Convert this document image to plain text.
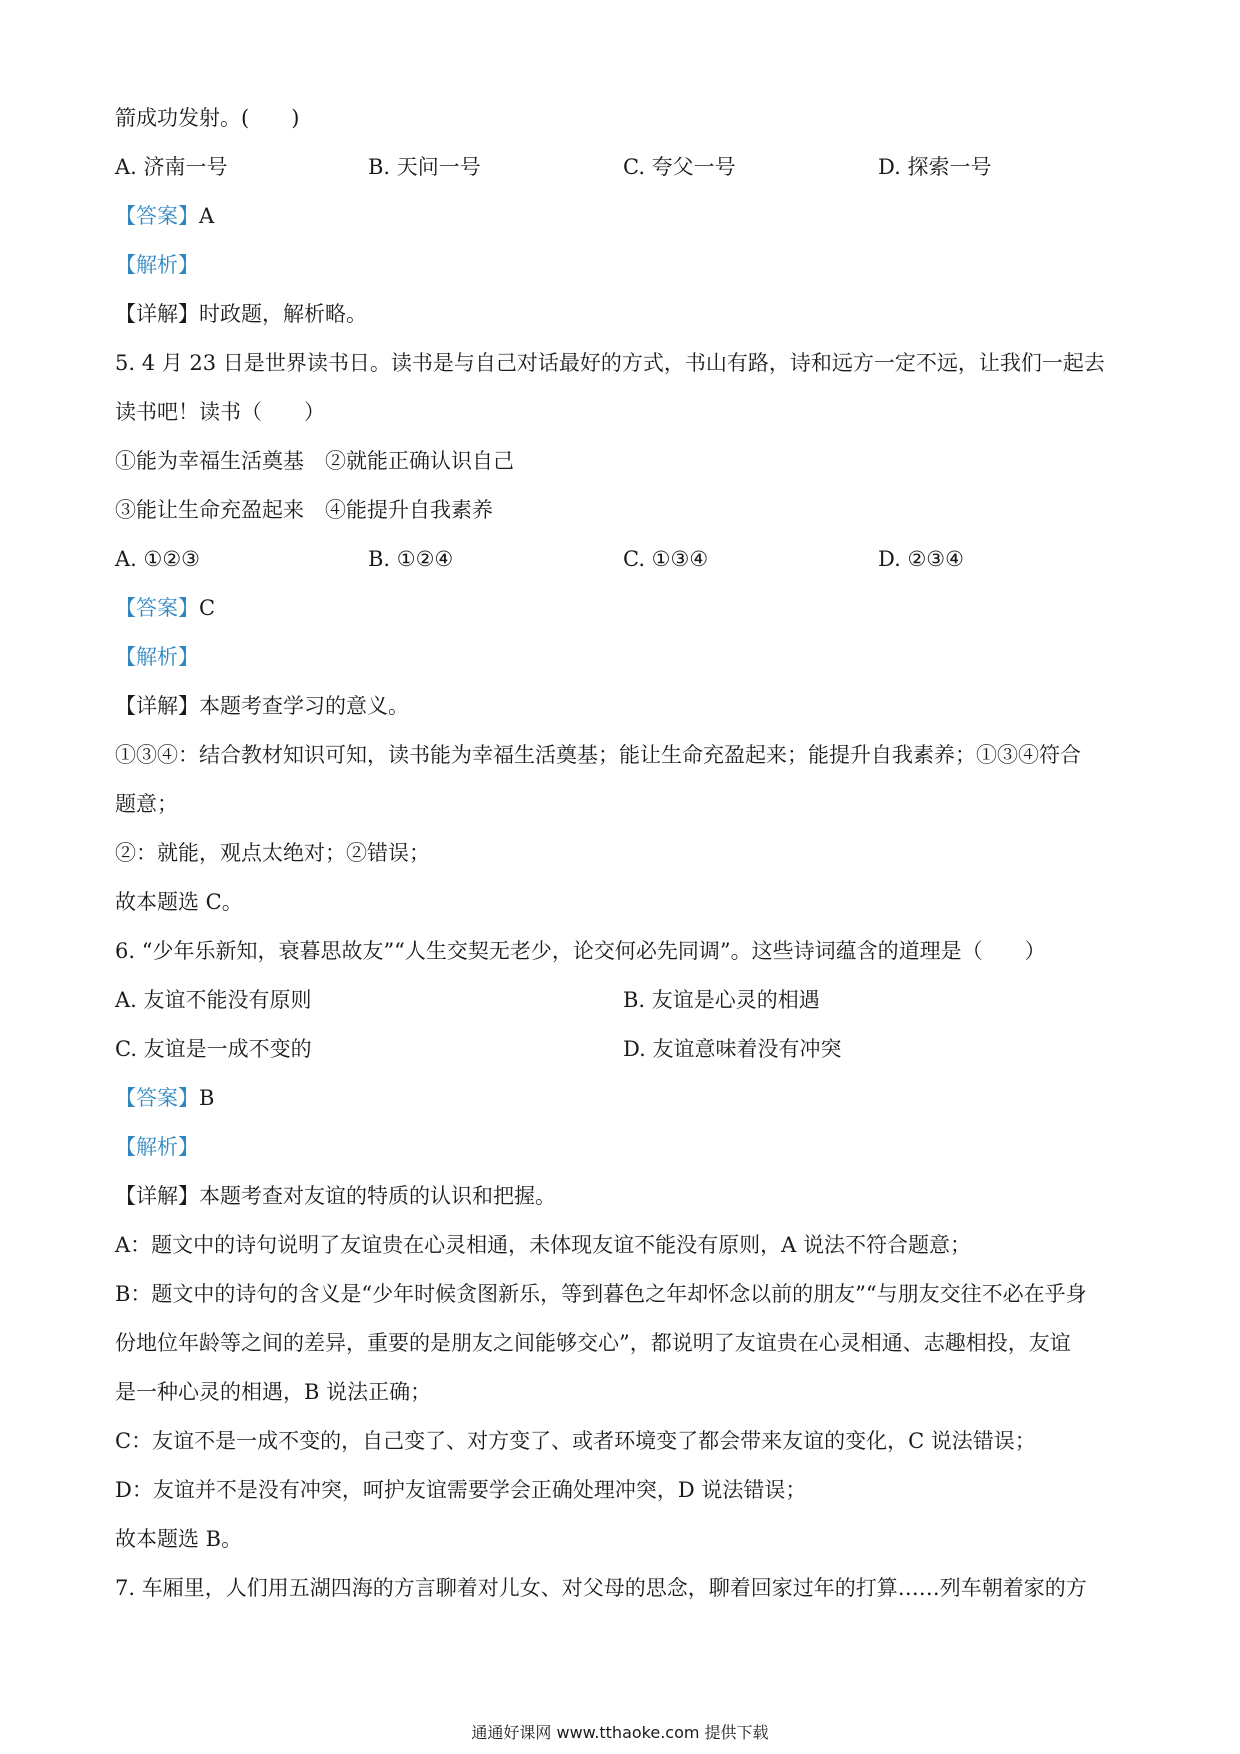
箭成功发射。(　　)
A. 济南一号	B. 天问一号	C. 夸父一号	D. 探索一号
【答案】A
【解析】
【详解】时政题，解析略。
5. 4 月 23 日是世界读书日。读书是与自己对话最好的方式，书山有路，诗和远方一定不远，让我们一起去
读书吧！读书（　　）
①能为幸福生活奠基　②就能正确认识自己
③能让生命充盈起来　④能提升自我素养
A. ①②③	B. ①②④	C. ①③④	D. ②③④
【答案】C
【解析】
【详解】本题考查学习的意义。
①③④：结合教材知识可知，读书能为幸福生活奠基；能让生命充盈起来；能提升自我素养；①③④符合
题意；
②：就能，观点太绝对；②错误；
故本题选 C。
6. “少年乐新知，衰暮思故友”“人生交契无老少，论交何必先同调”。这些诗词蕴含的道理是（　　）
A. 友谊不能没有原则	B. 友谊是心灵的相遇
C. 友谊是一成不变的	D. 友谊意味着没有冲突
【答案】B
【解析】
【详解】本题考查对友谊的特质的认识和把握。
A：题文中的诗句说明了友谊贵在心灵相通，未体现友谊不能没有原则，A 说法不符合题意；
B：题文中的诗句的含义是“少年时候贪图新乐，等到暮色之年却怀念以前的朋友”“与朋友交往不必在乎身
份地位年龄等之间的差异，重要的是朋友之间能够交心”，都说明了友谊贵在心灵相通、志趣相投，友谊
是一种心灵的相遇，B 说法正确；
C：友谊不是一成不变的，自己变了、对方变了、或者环境变了都会带来友谊的变化，C 说法错误；
D：友谊并不是没有冲突，呵护友谊需要学会正确处理冲突，D 说法错误；
故本题选 B。
7. 车厢里，人们用五湖四海的方言聊着对儿女、对父母的思念，聊着回家过年的打算……列车朝着家的方
通通好课网 www.tthaoke.com 提供下载
